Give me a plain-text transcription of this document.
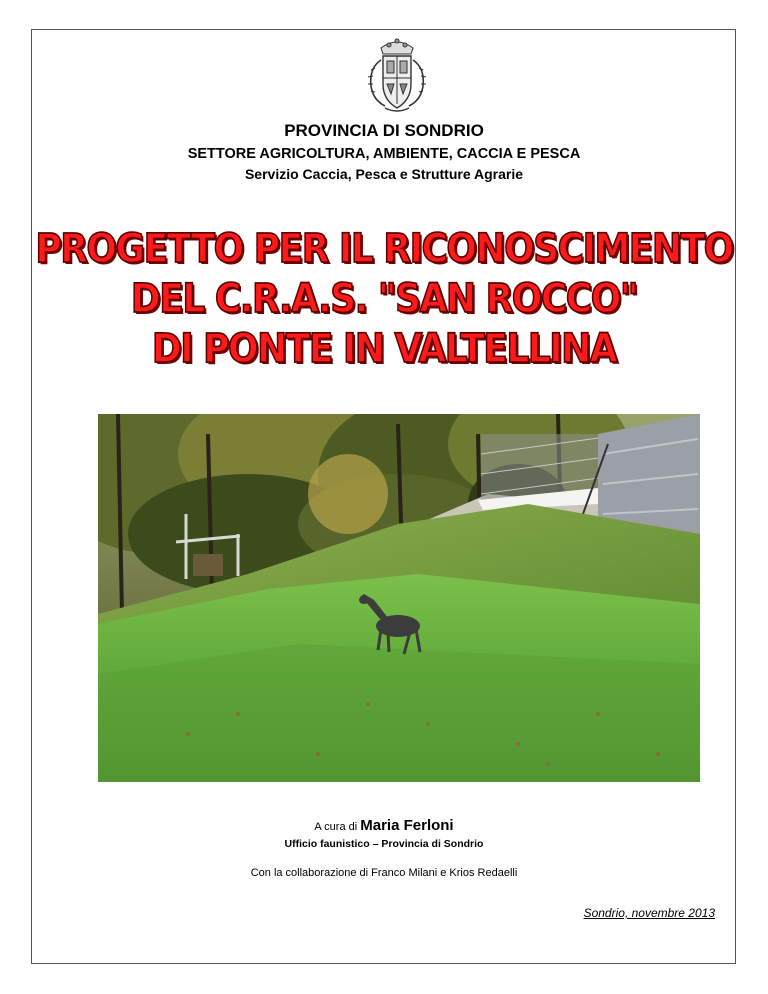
PROVINCIA DI SONDRIO
SETTORE AGRICOLTURA, AMBIENTE, CACCIA E PESCA
Servizio Caccia, Pesca e Strutture Agrarie
PROGETTO PER IL RICONOSCIMENTO
DEL C.R.A.S. "SAN ROCCO"
DI PONTE IN VALTELLINA
A cura di Maria Ferloni
Ufficio faunistico – Provincia di Sondrio
Con la collaborazione di Franco Milani e Krios Redaelli
Sondrio, novembre 2013
